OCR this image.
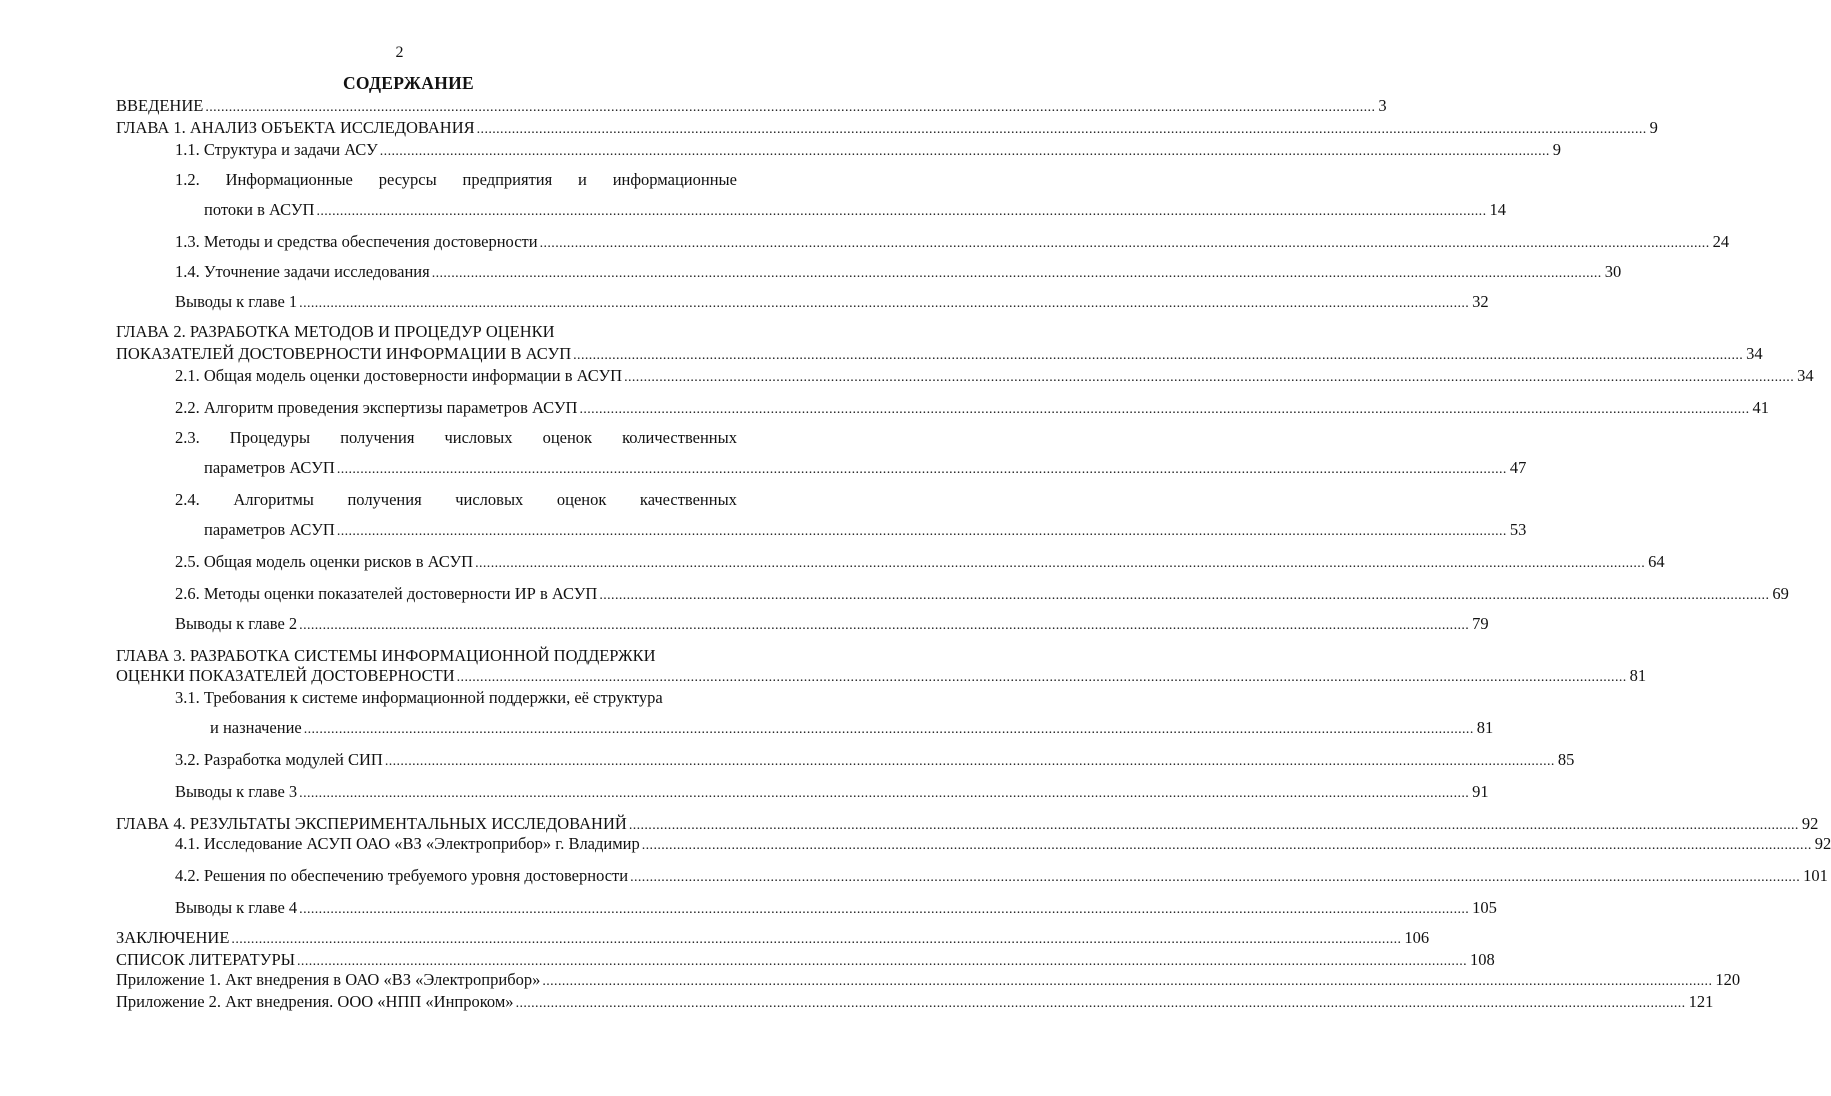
2
СОДЕРЖАНИЕ
ВВЕДЕНИЕ ............................................................................................................................................................................................................................................................................................................ 3
ГЛАВА 1. АНАЛИЗ ОБЪЕКТА ИССЛЕДОВАНИЯ ............................................................................................................................................................................................................................................................................................................ 9
1.1. Структура и задачи АСУ ............................................................................................................................................................................................................................................................................................................ 9
1.2. Информационные ресурсы предприятия и информационные
потоки в АСУП ............................................................................................................................................................................................................................................................................................................ 14
1.3. Методы и средства обеспечения достоверности ............................................................................................................................................................................................................................................................................................................ 24
1.4. Уточнение задачи исследования ............................................................................................................................................................................................................................................................................................................ 30
Выводы к главе 1 ............................................................................................................................................................................................................................................................................................................ 32
ГЛАВА 2. РАЗРАБОТКА МЕТОДОВ И ПРОЦЕДУР ОЦЕНКИ
ПОКАЗАТЕЛЕЙ ДОСТОВЕРНОСТИ ИНФОРМАЦИИ В АСУП ............................................................................................................................................................................................................................................................................................................ 34
2.1. Общая модель оценки достоверности информации в АСУП ............................................................................................................................................................................................................................................................................................................ 34
2.2. Алгоритм проведения экспертизы параметров АСУП ............................................................................................................................................................................................................................................................................................................ 41
2.3. Процедуры получения числовых оценок количественных
параметров АСУП ............................................................................................................................................................................................................................................................................................................ 47
2.4. Алгоритмы получения числовых оценок качественных
параметров АСУП ............................................................................................................................................................................................................................................................................................................ 53
2.5. Общая модель оценки рисков в АСУП ............................................................................................................................................................................................................................................................................................................ 64
2.6. Методы оценки показателей достоверности ИР в АСУП ............................................................................................................................................................................................................................................................................................................ 69
Выводы к главе 2 ............................................................................................................................................................................................................................................................................................................ 79
ГЛАВА 3. РАЗРАБОТКА СИСТЕМЫ ИНФОРМАЦИОННОЙ ПОДДЕРЖКИ
ОЦЕНКИ ПОКАЗАТЕЛЕЙ ДОСТОВЕРНОСТИ ............................................................................................................................................................................................................................................................................................................ 81
3.1. Требования к системе информационной поддержки, её структура
и назначение ............................................................................................................................................................................................................................................................................................................ 81
3.2. Разработка модулей СИП ............................................................................................................................................................................................................................................................................................................ 85
Выводы к главе 3 ............................................................................................................................................................................................................................................................................................................ 91
ГЛАВА 4. РЕЗУЛЬТАТЫ ЭКСПЕРИМЕНТАЛЬНЫХ ИССЛЕДОВАНИЙ ............................................................................................................................................................................................................................................................................................................ 92
4.1. Исследование АСУП ОАО «ВЗ «Электроприбор» г. Владимир ............................................................................................................................................................................................................................................................................................................ 92
4.2. Решения по обеспечению требуемого уровня достоверности ............................................................................................................................................................................................................................................................................................................ 101
Выводы к главе 4 ............................................................................................................................................................................................................................................................................................................ 105
ЗАКЛЮЧЕНИЕ ............................................................................................................................................................................................................................................................................................................ 106
СПИСОК ЛИТЕРАТУРЫ ............................................................................................................................................................................................................................................................................................................ 108
Приложение 1. Акт внедрения в ОАО «ВЗ «Электроприбор» ............................................................................................................................................................................................................................................................................................................ 120
Приложение 2. Акт внедрения. ООО «НПП «Инпроком» ............................................................................................................................................................................................................................................................................................................ 121
